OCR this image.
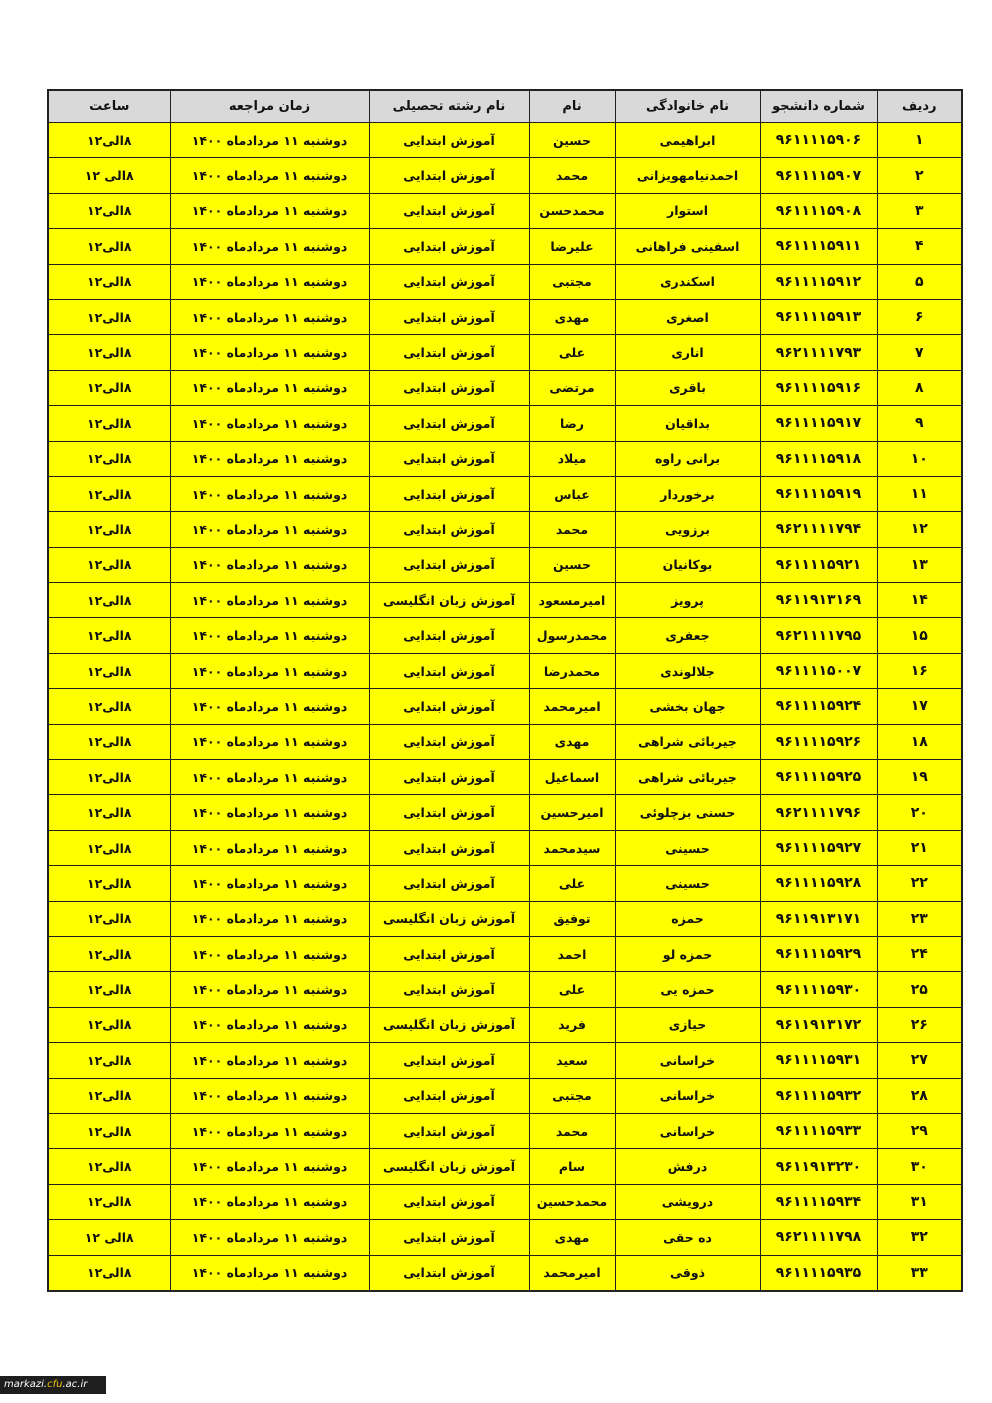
ردیف	شماره دانشجو	نام خانوادگی	نام	نام رشته تحصیلی	زمان مراجعه	ساعت
۱	۹۶۱۱۱۱۵۹۰۶	ابراهیمی	حسین	آموزش ابتدایی	دوشنبه ۱۱ مردادماه ۱۴۰۰	۸الی۱۲
۲	۹۶۱۱۱۱۵۹۰۷	احمدنیامهویزانی	محمد	آموزش ابتدایی	دوشنبه ۱۱ مردادماه ۱۴۰۰	۸الی ۱۲
۳	۹۶۱۱۱۱۵۹۰۸	استوار	محمدحسن	آموزش ابتدایی	دوشنبه ۱۱ مردادماه ۱۴۰۰	۸الی۱۲
۴	۹۶۱۱۱۱۵۹۱۱	اسفینی فراهانی	علیرضا	آموزش ابتدایی	دوشنبه ۱۱ مردادماه ۱۴۰۰	۸الی۱۲
۵	۹۶۱۱۱۱۵۹۱۲	اسکندری	مجتبی	آموزش ابتدایی	دوشنبه ۱۱ مردادماه ۱۴۰۰	۸الی۱۲
۶	۹۶۱۱۱۱۵۹۱۳	اصغری	مهدی	آموزش ابتدایی	دوشنبه ۱۱ مردادماه ۱۴۰۰	۸الی۱۲
۷	۹۶۲۱۱۱۱۷۹۳	اناری	علی	آموزش ابتدایی	دوشنبه ۱۱ مردادماه ۱۴۰۰	۸الی۱۲
۸	۹۶۱۱۱۱۵۹۱۶	باقری	مرتضی	آموزش ابتدایی	دوشنبه ۱۱ مردادماه ۱۴۰۰	۸الی۱۲
۹	۹۶۱۱۱۱۵۹۱۷	بداقیان	رضا	آموزش ابتدایی	دوشنبه ۱۱ مردادماه ۱۴۰۰	۸الی۱۲
۱۰	۹۶۱۱۱۱۵۹۱۸	برانی راوه	میلاد	آموزش ابتدایی	دوشنبه ۱۱ مردادماه ۱۴۰۰	۸الی۱۲
۱۱	۹۶۱۱۱۱۵۹۱۹	برخوردار	عباس	آموزش ابتدایی	دوشنبه ۱۱ مردادماه ۱۴۰۰	۸الی۱۲
۱۲	۹۶۲۱۱۱۱۷۹۴	برزویی	محمد	آموزش ابتدایی	دوشنبه ۱۱ مردادماه ۱۴۰۰	۸الی۱۲
۱۳	۹۶۱۱۱۱۵۹۲۱	بوکانیان	حسین	آموزش ابتدایی	دوشنبه ۱۱ مردادماه ۱۴۰۰	۸الی۱۲
۱۴	۹۶۱۱۹۱۳۱۶۹	پرویز	امیرمسعود	آموزش زبان انگلیسی	دوشنبه ۱۱ مردادماه ۱۴۰۰	۸الی۱۲
۱۵	۹۶۲۱۱۱۱۷۹۵	جعفری	محمدرسول	آموزش ابتدایی	دوشنبه ۱۱ مردادماه ۱۴۰۰	۸الی۱۲
۱۶	۹۶۱۱۱۱۵۰۰۷	جلالوندی	محمدرضا	آموزش ابتدایی	دوشنبه ۱۱ مردادماه ۱۴۰۰	۸الی۱۲
۱۷	۹۶۱۱۱۱۵۹۲۴	جهان بخشی	امیرمحمد	آموزش ابتدایی	دوشنبه ۱۱ مردادماه ۱۴۰۰	۸الی۱۲
۱۸	۹۶۱۱۱۱۵۹۲۶	جیربائی شراهی	مهدی	آموزش ابتدایی	دوشنبه ۱۱ مردادماه ۱۴۰۰	۸الی۱۲
۱۹	۹۶۱۱۱۱۵۹۲۵	جیربائی شراهی	اسماعیل	آموزش ابتدایی	دوشنبه ۱۱ مردادماه ۱۴۰۰	۸الی۱۲
۲۰	۹۶۲۱۱۱۱۷۹۶	حسنی بزچلوئی	امیرحسین	آموزش ابتدایی	دوشنبه ۱۱ مردادماه ۱۴۰۰	۸الی۱۲
۲۱	۹۶۱۱۱۱۵۹۲۷	حسینی	سیدمحمد	آموزش ابتدایی	دوشنبه ۱۱ مردادماه ۱۴۰۰	۸الی۱۲
۲۲	۹۶۱۱۱۱۵۹۲۸	حسینی	علی	آموزش ابتدایی	دوشنبه ۱۱ مردادماه ۱۴۰۰	۸الی۱۲
۲۳	۹۶۱۱۹۱۳۱۷۱	حمزه	توفیق	آموزش زبان انگلیسی	دوشنبه ۱۱ مردادماه ۱۴۰۰	۸الی۱۲
۲۴	۹۶۱۱۱۱۵۹۲۹	حمزه لو	احمد	آموزش ابتدایی	دوشنبه ۱۱ مردادماه ۱۴۰۰	۸الی۱۲
۲۵	۹۶۱۱۱۱۵۹۳۰	حمزه یی	علی	آموزش ابتدایی	دوشنبه ۱۱ مردادماه ۱۴۰۰	۸الی۱۲
۲۶	۹۶۱۱۹۱۳۱۷۲	حیازی	فرید	آموزش زبان انگلیسی	دوشنبه ۱۱ مردادماه ۱۴۰۰	۸الی۱۲
۲۷	۹۶۱۱۱۱۵۹۳۱	خراسانی	سعید	آموزش ابتدایی	دوشنبه ۱۱ مردادماه ۱۴۰۰	۸الی۱۲
۲۸	۹۶۱۱۱۱۵۹۳۲	خراسانی	مجتبی	آموزش ابتدایی	دوشنبه ۱۱ مردادماه ۱۴۰۰	۸الی۱۲
۲۹	۹۶۱۱۱۱۵۹۳۳	خراسانی	محمد	آموزش ابتدایی	دوشنبه ۱۱ مردادماه ۱۴۰۰	۸الی۱۲
۳۰	۹۶۱۱۹۱۳۲۳۰	درفش	سام	آموزش زبان انگلیسی	دوشنبه ۱۱ مردادماه ۱۴۰۰	۸الی۱۲
۳۱	۹۶۱۱۱۱۵۹۳۴	درویشی	محمدحسین	آموزش ابتدایی	دوشنبه ۱۱ مردادماه ۱۴۰۰	۸الی۱۲
۳۲	۹۶۲۱۱۱۱۷۹۸	ده حقی	مهدی	آموزش ابتدایی	دوشنبه ۱۱ مردادماه ۱۴۰۰	۸الی ۱۲
۳۳	۹۶۱۱۱۱۵۹۳۵	ذوقی	امیرمحمد	آموزش ابتدایی	دوشنبه ۱۱ مردادماه ۱۴۰۰	۸الی۱۲
markazi.cfu.ac.ir
